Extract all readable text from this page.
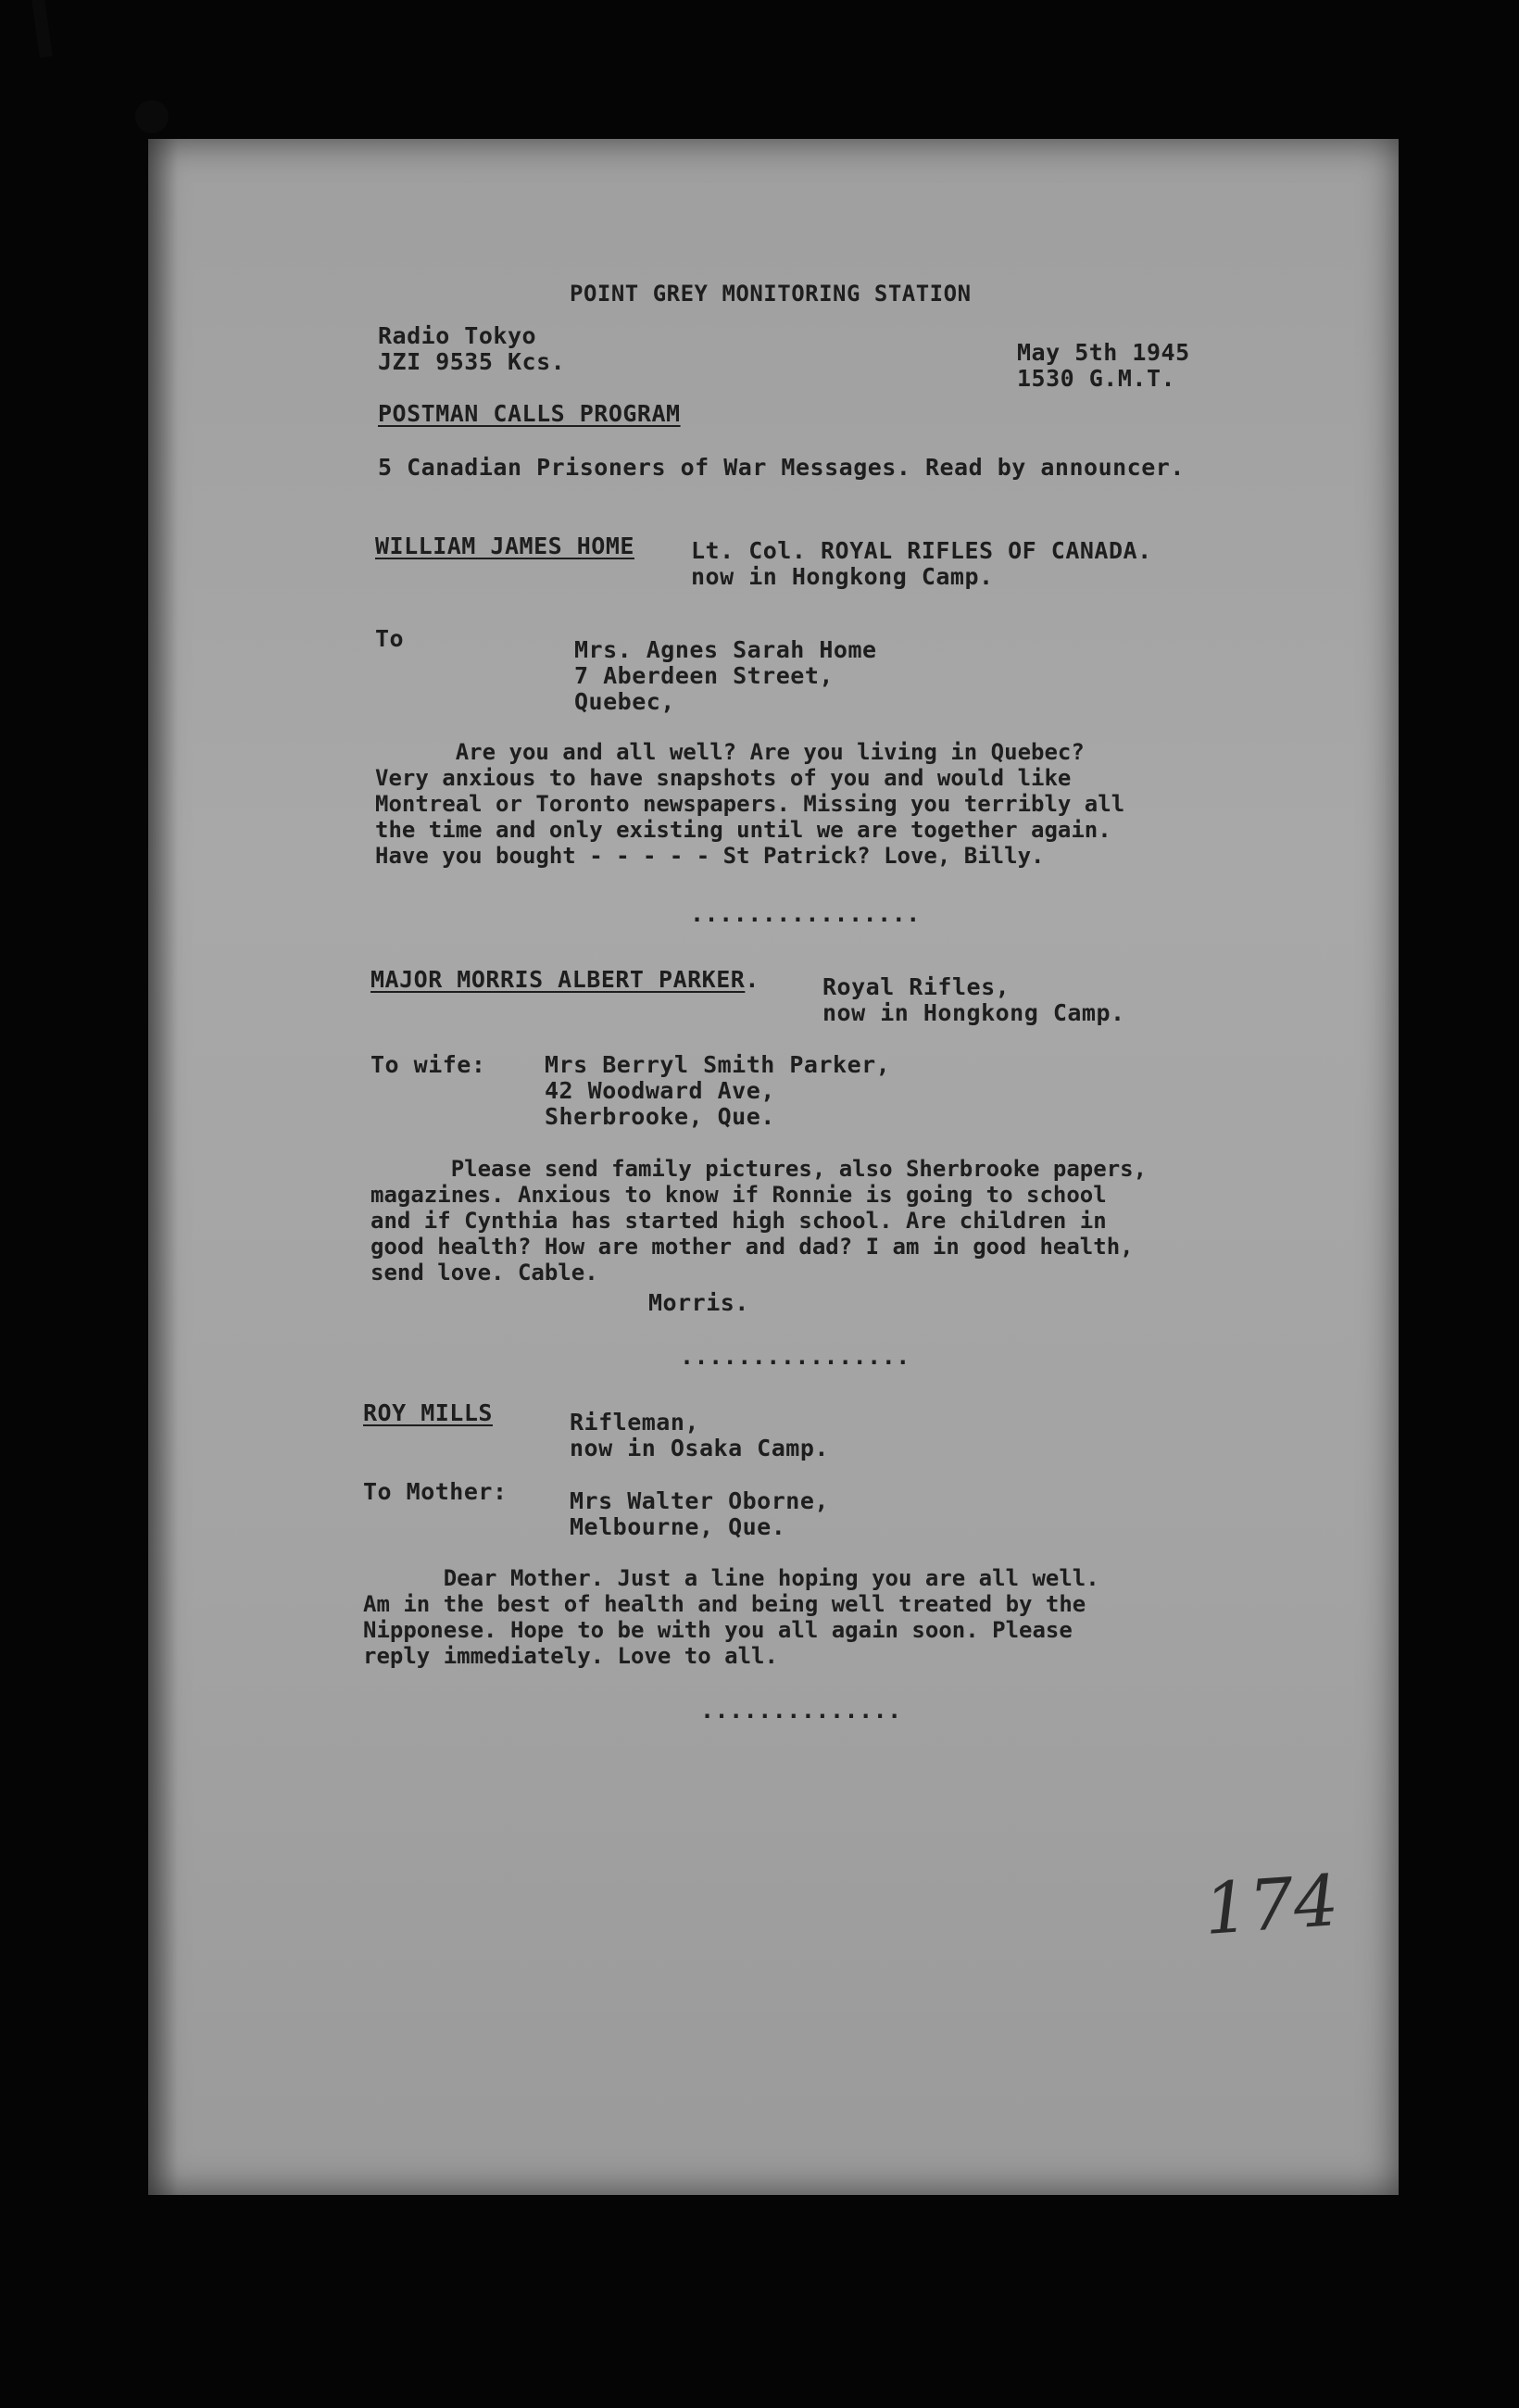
POINT GREY MONITORING STATION
Radio Tokyo
JZI 9535 Kcs.	May 5th 1945
1530 G.M.T.
POSTMAN CALLS PROGRAM
5 Canadian Prisoners of War Messages. Read by announcer.
WILLIAM JAMES HOME Lt. Col. ROYAL RIFLES OF CANADA.
now in Hongkong Camp.
To	Mrs. Agnes Sarah Home
7 Aberdeen Street,
Quebec,
Are you and all well? Are you living in Quebec?
Very anxious to have snapshots of you and would like
Montreal or Toronto newspapers. Missing you terribly all
the time and only existing until we are together again.
Have you bought - - - - - St Patrick? Love, Billy.
................
MAJOR MORRIS ALBERT PARKER.	Royal Rifles,
now in Hongkong Camp.
To wife:	Mrs Berryl Smith Parker,
42 Woodward Ave,
Sherbrooke, Que.
Please send family pictures, also Sherbrooke papers,
magazines. Anxious to know if Ronnie is going to school
and if Cynthia has started high school. Are children in
good health? How are mother and dad? I am in good health,
send love. Cable.
Morris.
................
ROY MILLS	Rifleman,
now in Osaka Camp.
To Mother:	Mrs Walter Oborne,
Melbourne, Que.
Dear Mother. Just a line hoping you are all well.
Am in the best of health and being well treated by the
Nipponese. Hope to be with you all again soon. Please
reply immediately. Love to all.
..............
174
